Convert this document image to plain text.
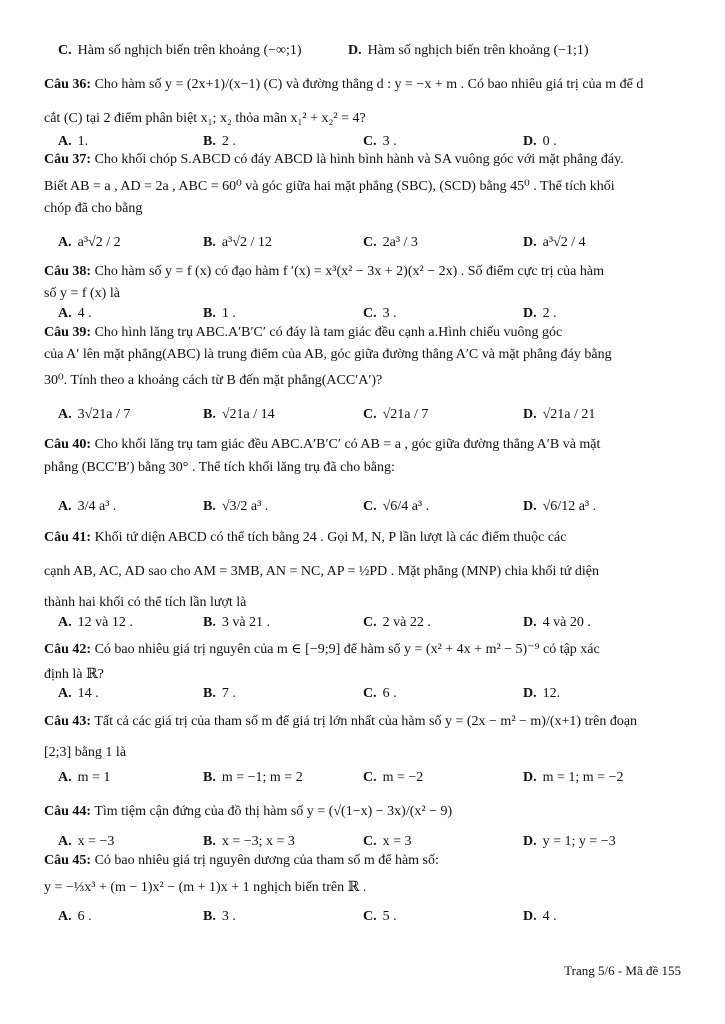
C. Hàm số nghịch biến trên khoảng (−∞;1)	D. Hàm số nghịch biến trên khoảng (−1;1)
Câu 36: Cho hàm số y = (2x+1)/(x−1) (C) và đường thẳng d : y = −x + m . Có bao nhiêu giá trị của m để d
cắt (C) tại 2 điểm phân biệt x₁; x₂ thỏa mãn x₁² + x₂² = 4?
A. 1.	B. 2 .	C. 3 .	D. 0 .
Câu 37: Cho khối chóp S.ABCD có đáy ABCD là hình bình hành và SA vuông góc với mặt phẳng đáy.
Biết AB = a , AD = 2a , ABC = 60⁰ và góc giữa hai mặt phẳng (SBC), (SCD) bằng 45⁰ . Thể tích khối
chóp đã cho bằng
A. a³√2 / 2	B. a³√2 / 12	C. 2a³ / 3	D. a³√2 / 4
Câu 38: Cho hàm số y = f (x) có đạo hàm f ′(x) = x³(x² − 3x + 2)(x² − 2x) . Số điểm cực trị của hàm
số y = f (x) là
A. 4 .	B. 1 .	C. 3 .	D. 2 .
Câu 39: Cho hình lăng trụ ABC.A′B′C′ có đáy là tam giác đều cạnh a.Hình chiếu vuông góc
của A′ lên mặt phẳng(ABC) là trung điểm của AB, góc giữa đường thẳng A′C và mặt phẳng đáy bằng
30⁰. Tính theo a khoảng cách từ B đến mặt phẳng(ACC′A′)?
A. 3√21a / 7	B. √21a / 14	C. √21a / 7	D. √21a / 21
Câu 40: Cho khối lăng trụ tam giác đều ABC.A′B′C′ có AB = a , góc giữa đường thẳng A′B và mặt
phẳng (BCC′B′) bằng 30° . Thể tích khối lăng trụ đã cho bằng:
A. 3/4 a³ .	B. √3/2 a³ .	C. √6/4 a³ .	D. √6/12 a³ .
Câu 41: Khối tứ diện ABCD có thể tích bằng 24 . Gọi M, N, P lần lượt là các điểm thuộc các
cạnh AB, AC, AD sao cho AM = 3MB, AN = NC, AP = ½PD . Mặt phẳng (MNP) chia khối tứ diện
thành hai khối có thể tích lần lượt là
A. 12 và 12 .	B. 3 và 21 .	C. 2 và 22 .	D. 4 và 20 .
Câu 42: Có bao nhiêu giá trị nguyên của m ∈ [−9;9] để hàm số y = (x² + 4x + m² − 5)⁻⁹ có tập xác
định là ℝ?
A. 14 .	B. 7 .	C. 6 .	D. 12.
Câu 43: Tất cả các giá trị của tham số m để giá trị lớn nhất của hàm số y = (2x − m² − m)/(x+1) trên đoạn
[2;3] bằng 1 là
A. m = 1	B. m = −1; m = 2	C. m = −2	D. m = 1; m = −2
Câu 44: Tìm tiệm cận đứng của đồ thị hàm số y = (√(1−x) − 3x)/(x² − 9)
A. x = −3	B. x = −3; x = 3	C. x = 3	D. y = 1; y = −3
Câu 45: Có bao nhiêu giá trị nguyên dương của tham số m để hàm số:
y = −⅓x³ + (m − 1)x² − (m + 1)x + 1 nghịch biến trên ℝ .
A. 6 .	B. 3 .	C. 5 .	D. 4 .
Trang 5/6 - Mã đề 155
